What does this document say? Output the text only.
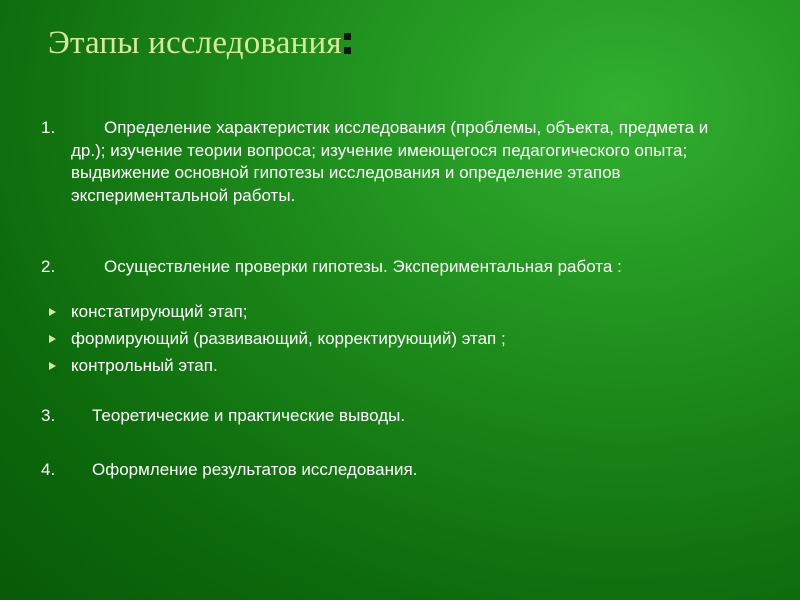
Этапы исследования
1.	Определение характеристик исследования (проблемы, объекта, предмета и др.); изучение теории вопроса; изучение имеющегося педагогического опыта; выдвижение основной гипотезы исследования и определение этапов экспериментальной работы.
2.	Осуществление проверки гипотезы. Экспериментальная работа :
констатирующий этап;
формирующий (развивающий, корректирующий) этап ;
контрольный этап.
3. Теоретические и практические выводы.
4. Оформление результатов исследования.
